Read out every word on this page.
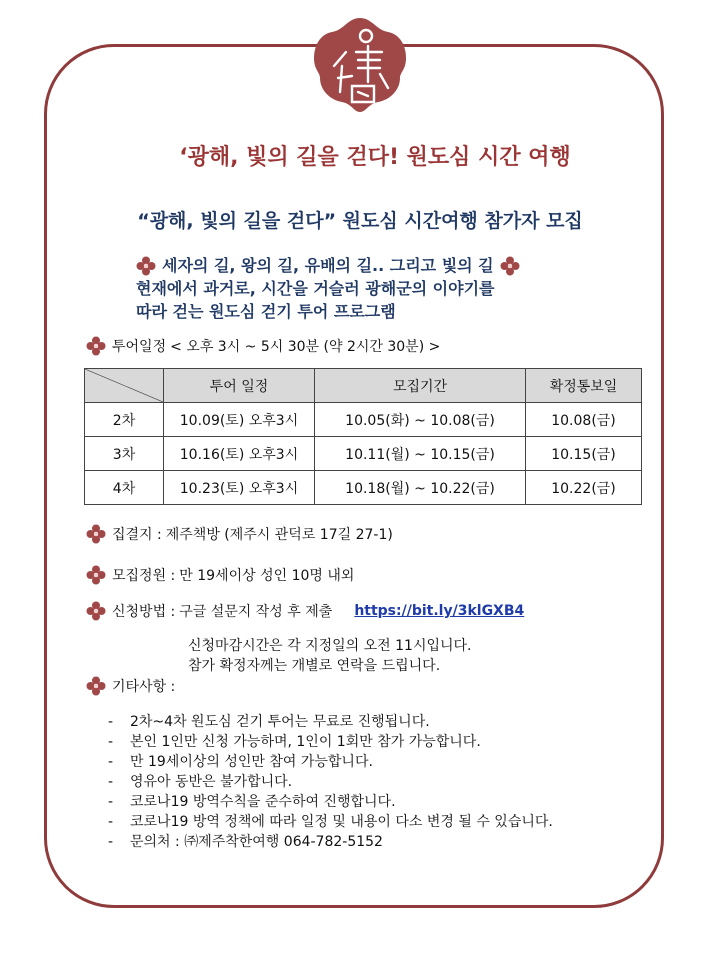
‘광해, 빛의 길을 걷다! 원도심 시간 여행
“광해, 빛의 길을 걷다” 원도심 시간여행 참가자 모집
세자의 길, 왕의 길, 유배의 길.. 그리고 빛의 길
현재에서 과거로, 시간을 거슬러 광해군의 이야기를
따라 걷는 원도심 걷기 투어 프로그램
투어일정 < 오후 3시 ~ 5시 30분 (약 2시간 30분) >
	투어 일정	모집기간	확정통보일
2차	10.09(토) 오후3시	10.05(화) ~ 10.08(금)	10.08(금)
3차	10.16(토) 오후3시	10.11(월) ~ 10.15(금)	10.15(금)
4차	10.23(토) 오후3시	10.18(월) ~ 10.22(금)	10.22(금)
집결지 : 제주책방 (제주시 관덕로 17길 27-1)
모집정원 : 만 19세이상 성인 10명 내외
신청방법 : 구글 설문지 작성 후 제출 https://bit.ly/3klGXB4
신청마감시간은 각 지정일의 오전 11시입니다.
참가 확정자께는 개별로 연락을 드립니다.
기타사항 :
- 2차~4차 원도심 걷기 투어는 무료로 진행됩니다.
- 본인 1인만 신청 가능하며, 1인이 1회만 참가 가능합니다.
- 만 19세이상의 성인만 참여 가능합니다.
- 영유아 동반은 불가합니다.
- 코로나19 방역수칙을 준수하여 진행합니다.
- 코로나19 방역 정책에 따라 일정 및 내용이 다소 변경 될 수 있습니다.
- 문의처 : ㈜제주착한여행 064-782-5152
